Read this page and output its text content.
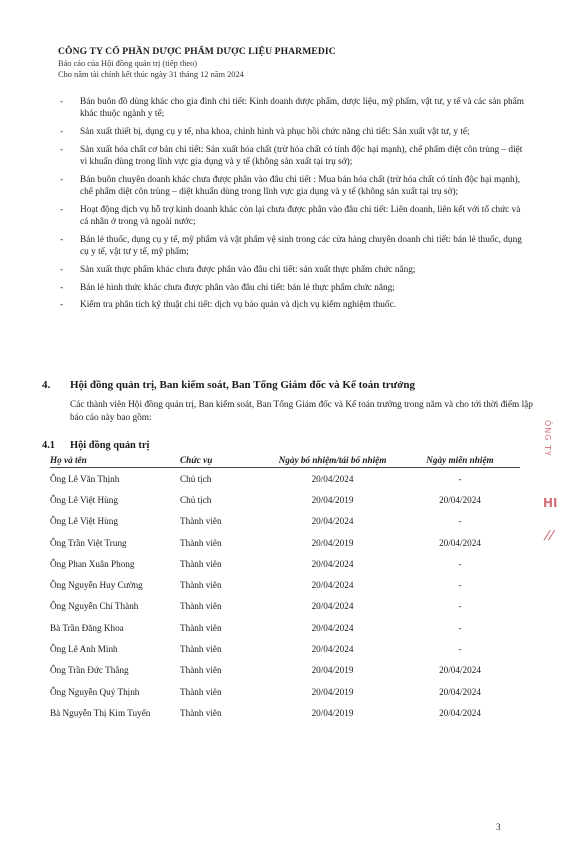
CÔNG TY CỔ PHẦN DƯỢC PHẨM DƯỢC LIỆU PHARMEDIC
Báo cáo của Hội đồng quản trị (tiếp theo)
Cho năm tài chính kết thúc ngày 31 tháng 12 năm 2024
- Bán buôn đồ dùng khác cho gia đình chi tiết: Kinh doanh dược phẩm, dược liệu, mỹ phẩm, vật tư, y tế và các sản phẩm khác thuộc ngành y tế;
- Sản xuất thiết bị, dụng cụ y tế, nha khoa, chỉnh hình và phục hồi chức năng chi tiết: Sản xuất vật tư, y tế;
- Sản xuất hóa chất cơ bản chi tiết: Sản xuất hóa chất (trừ hóa chất có tính độc hại mạnh), chế phẩm diệt côn trùng – diệt vi khuẩn dùng trong lĩnh vực gia dụng và y tế (không sản xuất tại trụ sở);
- Bán buôn chuyên doanh khác chưa được phân vào đâu chi tiết : Mua bán hóa chất (trừ hóa chất có tính độc hại mạnh), chế phẩm diệt côn trùng – diệt khuẩn dùng trong lĩnh vực gia dụng và y tế (không sản xuất tại trụ sở);
- Hoạt động dịch vụ hỗ trợ kinh doanh khác còn lại chưa được phân vào đâu chi tiết: Liên doanh, liên kết với tổ chức và cá nhân ở trong và ngoài nước;
- Bán lẻ thuốc, dụng cụ y tế, mỹ phẩm và vật phẩm vệ sinh trong các cửa hàng chuyên doanh chi tiết: bán lẻ thuốc, dụng cụ y tế, vật tư y tế, mỹ phẩm;
- Sản xuất thực phẩm khác chưa được phân vào đâu chi tiết: sản xuất thực phẩm chức năng;
- Bán lẻ hình thức khác chưa được phân vào đâu chi tiết: bán lẻ thực phẩm chức năng;
- Kiểm tra phân tích kỹ thuật chi tiết: dịch vụ bảo quản và dịch vụ kiểm nghiệm thuốc.
4. Hội đồng quản trị, Ban kiểm soát, Ban Tổng Giám đốc và Kế toán trưởng
Các thành viên Hội đồng quản trị, Ban kiểm soát, Ban Tổng Giám đốc và Kế toán trưởng trong năm và cho tới thời điểm lập báo cáo này bao gồm:
4.1 Hội đồng quản trị
Họ và tên	Chức vụ	Ngày bổ nhiệm/tái bổ nhiệm	Ngày miễn nhiệm
Ông Lê Văn Thịnh	Chủ tịch	20/04/2024	-
Ông Lê Việt Hùng	Chủ tịch	20/04/2019	20/04/2024
Ông Lê Việt Hùng	Thành viên	20/04/2024	-
Ông Trần Việt Trung	Thành viên	20/04/2019	20/04/2024
Ông Phan Xuân Phong	Thành viên	20/04/2024	-
Ông Nguyễn Huy Cường	Thành viên	20/04/2024	-
Ông Nguyễn Chí Thành	Thành viên	20/04/2024	-
Bà Trần Đăng Khoa	Thành viên	20/04/2024	-
Ông Lê Anh Minh	Thành viên	20/04/2024	-
Ông Trần Đức Thắng	Thành viên	20/04/2019	20/04/2024
Ông Nguyễn Quý Thịnh	Thành viên	20/04/2019	20/04/2024
Bà Nguyễn Thị Kim Tuyến	Thành viên	20/04/2019	20/04/2024
ÔNG TY
HI
//
3
